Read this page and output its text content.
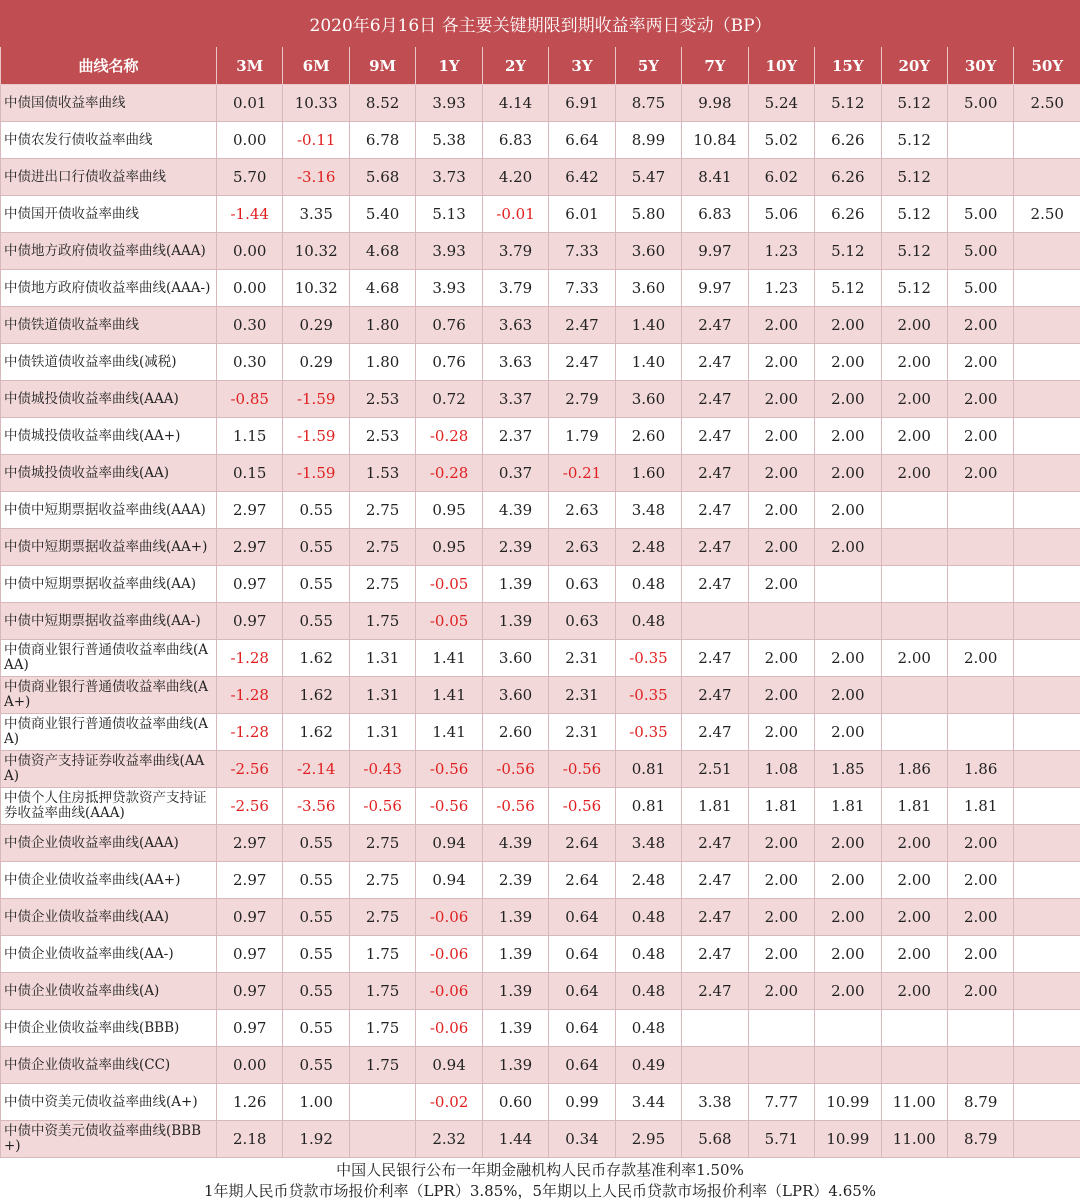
2020年6月16日 各主要关键期限到期收益率两日变动（BP）													
曲线名称	3M	6M	9M	1Y	2Y	3Y	5Y	7Y	10Y	15Y	20Y	30Y	50Y
中债国债收益率曲线	0.01	10.33	8.52	3.93	4.14	6.91	8.75	9.98	5.24	5.12	5.12	5.00	2.50
中债农发行债收益率曲线	0.00	-0.11	6.78	5.38	6.83	6.64	8.99	10.84	5.02	6.26	5.12		
中债进出口行债收益率曲线	5.70	-3.16	5.68	3.73	4.20	6.42	5.47	8.41	6.02	6.26	5.12		
中债国开债收益率曲线	-1.44	3.35	5.40	5.13	-0.01	6.01	5.80	6.83	5.06	6.26	5.12	5.00	2.50
中债地方政府债收益率曲线(AAA)	0.00	10.32	4.68	3.93	3.79	7.33	3.60	9.97	1.23	5.12	5.12	5.00	
中债地方政府债收益率曲线(AAA-)	0.00	10.32	4.68	3.93	3.79	7.33	3.60	9.97	1.23	5.12	5.12	5.00	
中债铁道债收益率曲线	0.30	0.29	1.80	0.76	3.63	2.47	1.40	2.47	2.00	2.00	2.00	2.00	
中债铁道债收益率曲线(减税)	0.30	0.29	1.80	0.76	3.63	2.47	1.40	2.47	2.00	2.00	2.00	2.00	
中债城投债收益率曲线(AAA)	-0.85	-1.59	2.53	0.72	3.37	2.79	3.60	2.47	2.00	2.00	2.00	2.00	
中债城投债收益率曲线(AA+)	1.15	-1.59	2.53	-0.28	2.37	1.79	2.60	2.47	2.00	2.00	2.00	2.00	
中债城投债收益率曲线(AA)	0.15	-1.59	1.53	-0.28	0.37	-0.21	1.60	2.47	2.00	2.00	2.00	2.00	
中债中短期票据收益率曲线(AAA)	2.97	0.55	2.75	0.95	4.39	2.63	3.48	2.47	2.00	2.00			
中债中短期票据收益率曲线(AA+)	2.97	0.55	2.75	0.95	2.39	2.63	2.48	2.47	2.00	2.00			
中债中短期票据收益率曲线(AA)	0.97	0.55	2.75	-0.05	1.39	0.63	0.48	2.47	2.00				
中债中短期票据收益率曲线(AA-)	0.97	0.55	1.75	-0.05	1.39	0.63	0.48						
中债商业银行普通债收益率曲线(AAA)	-1.28	1.62	1.31	1.41	3.60	2.31	-0.35	2.47	2.00	2.00	2.00	2.00	
中债商业银行普通债收益率曲线(AA+)	-1.28	1.62	1.31	1.41	3.60	2.31	-0.35	2.47	2.00	2.00			
中债商业银行普通债收益率曲线(AA)	-1.28	1.62	1.31	1.41	2.60	2.31	-0.35	2.47	2.00	2.00			
中债资产支持证券收益率曲线(AAA)	-2.56	-2.14	-0.43	-0.56	-0.56	-0.56	0.81	2.51	1.08	1.85	1.86	1.86	
中债个人住房抵押贷款资产支持证券收益率曲线(AAA)	-2.56	-3.56	-0.56	-0.56	-0.56	-0.56	0.81	1.81	1.81	1.81	1.81	1.81	
中债企业债收益率曲线(AAA)	2.97	0.55	2.75	0.94	4.39	2.64	3.48	2.47	2.00	2.00	2.00	2.00	
中债企业债收益率曲线(AA+)	2.97	0.55	2.75	0.94	2.39	2.64	2.48	2.47	2.00	2.00	2.00	2.00	
中债企业债收益率曲线(AA)	0.97	0.55	2.75	-0.06	1.39	0.64	0.48	2.47	2.00	2.00	2.00	2.00	
中债企业债收益率曲线(AA-)	0.97	0.55	1.75	-0.06	1.39	0.64	0.48	2.47	2.00	2.00	2.00	2.00	
中债企业债收益率曲线(A)	0.97	0.55	1.75	-0.06	1.39	0.64	0.48	2.47	2.00	2.00	2.00	2.00	
中债企业债收益率曲线(BBB)	0.97	0.55	1.75	-0.06	1.39	0.64	0.48						
中债企业债收益率曲线(CC)	0.00	0.55	1.75	0.94	1.39	0.64	0.49						
中债中资美元债收益率曲线(A+)	1.26	1.00		-0.02	0.60	0.99	3.44	3.38	7.77	10.99	11.00	8.79	
中债中资美元债收益率曲线(BBB+)	2.18	1.92		2.32	1.44	0.34	2.95	5.68	5.71	10.99	11.00	8.79	
中国人民银行公布一年期金融机构人民币存款基准利率1.50%
1年期人民币贷款市场报价利率（LPR）3.85%，5年期以上人民币贷款市场报价利率（LPR）4.65%
